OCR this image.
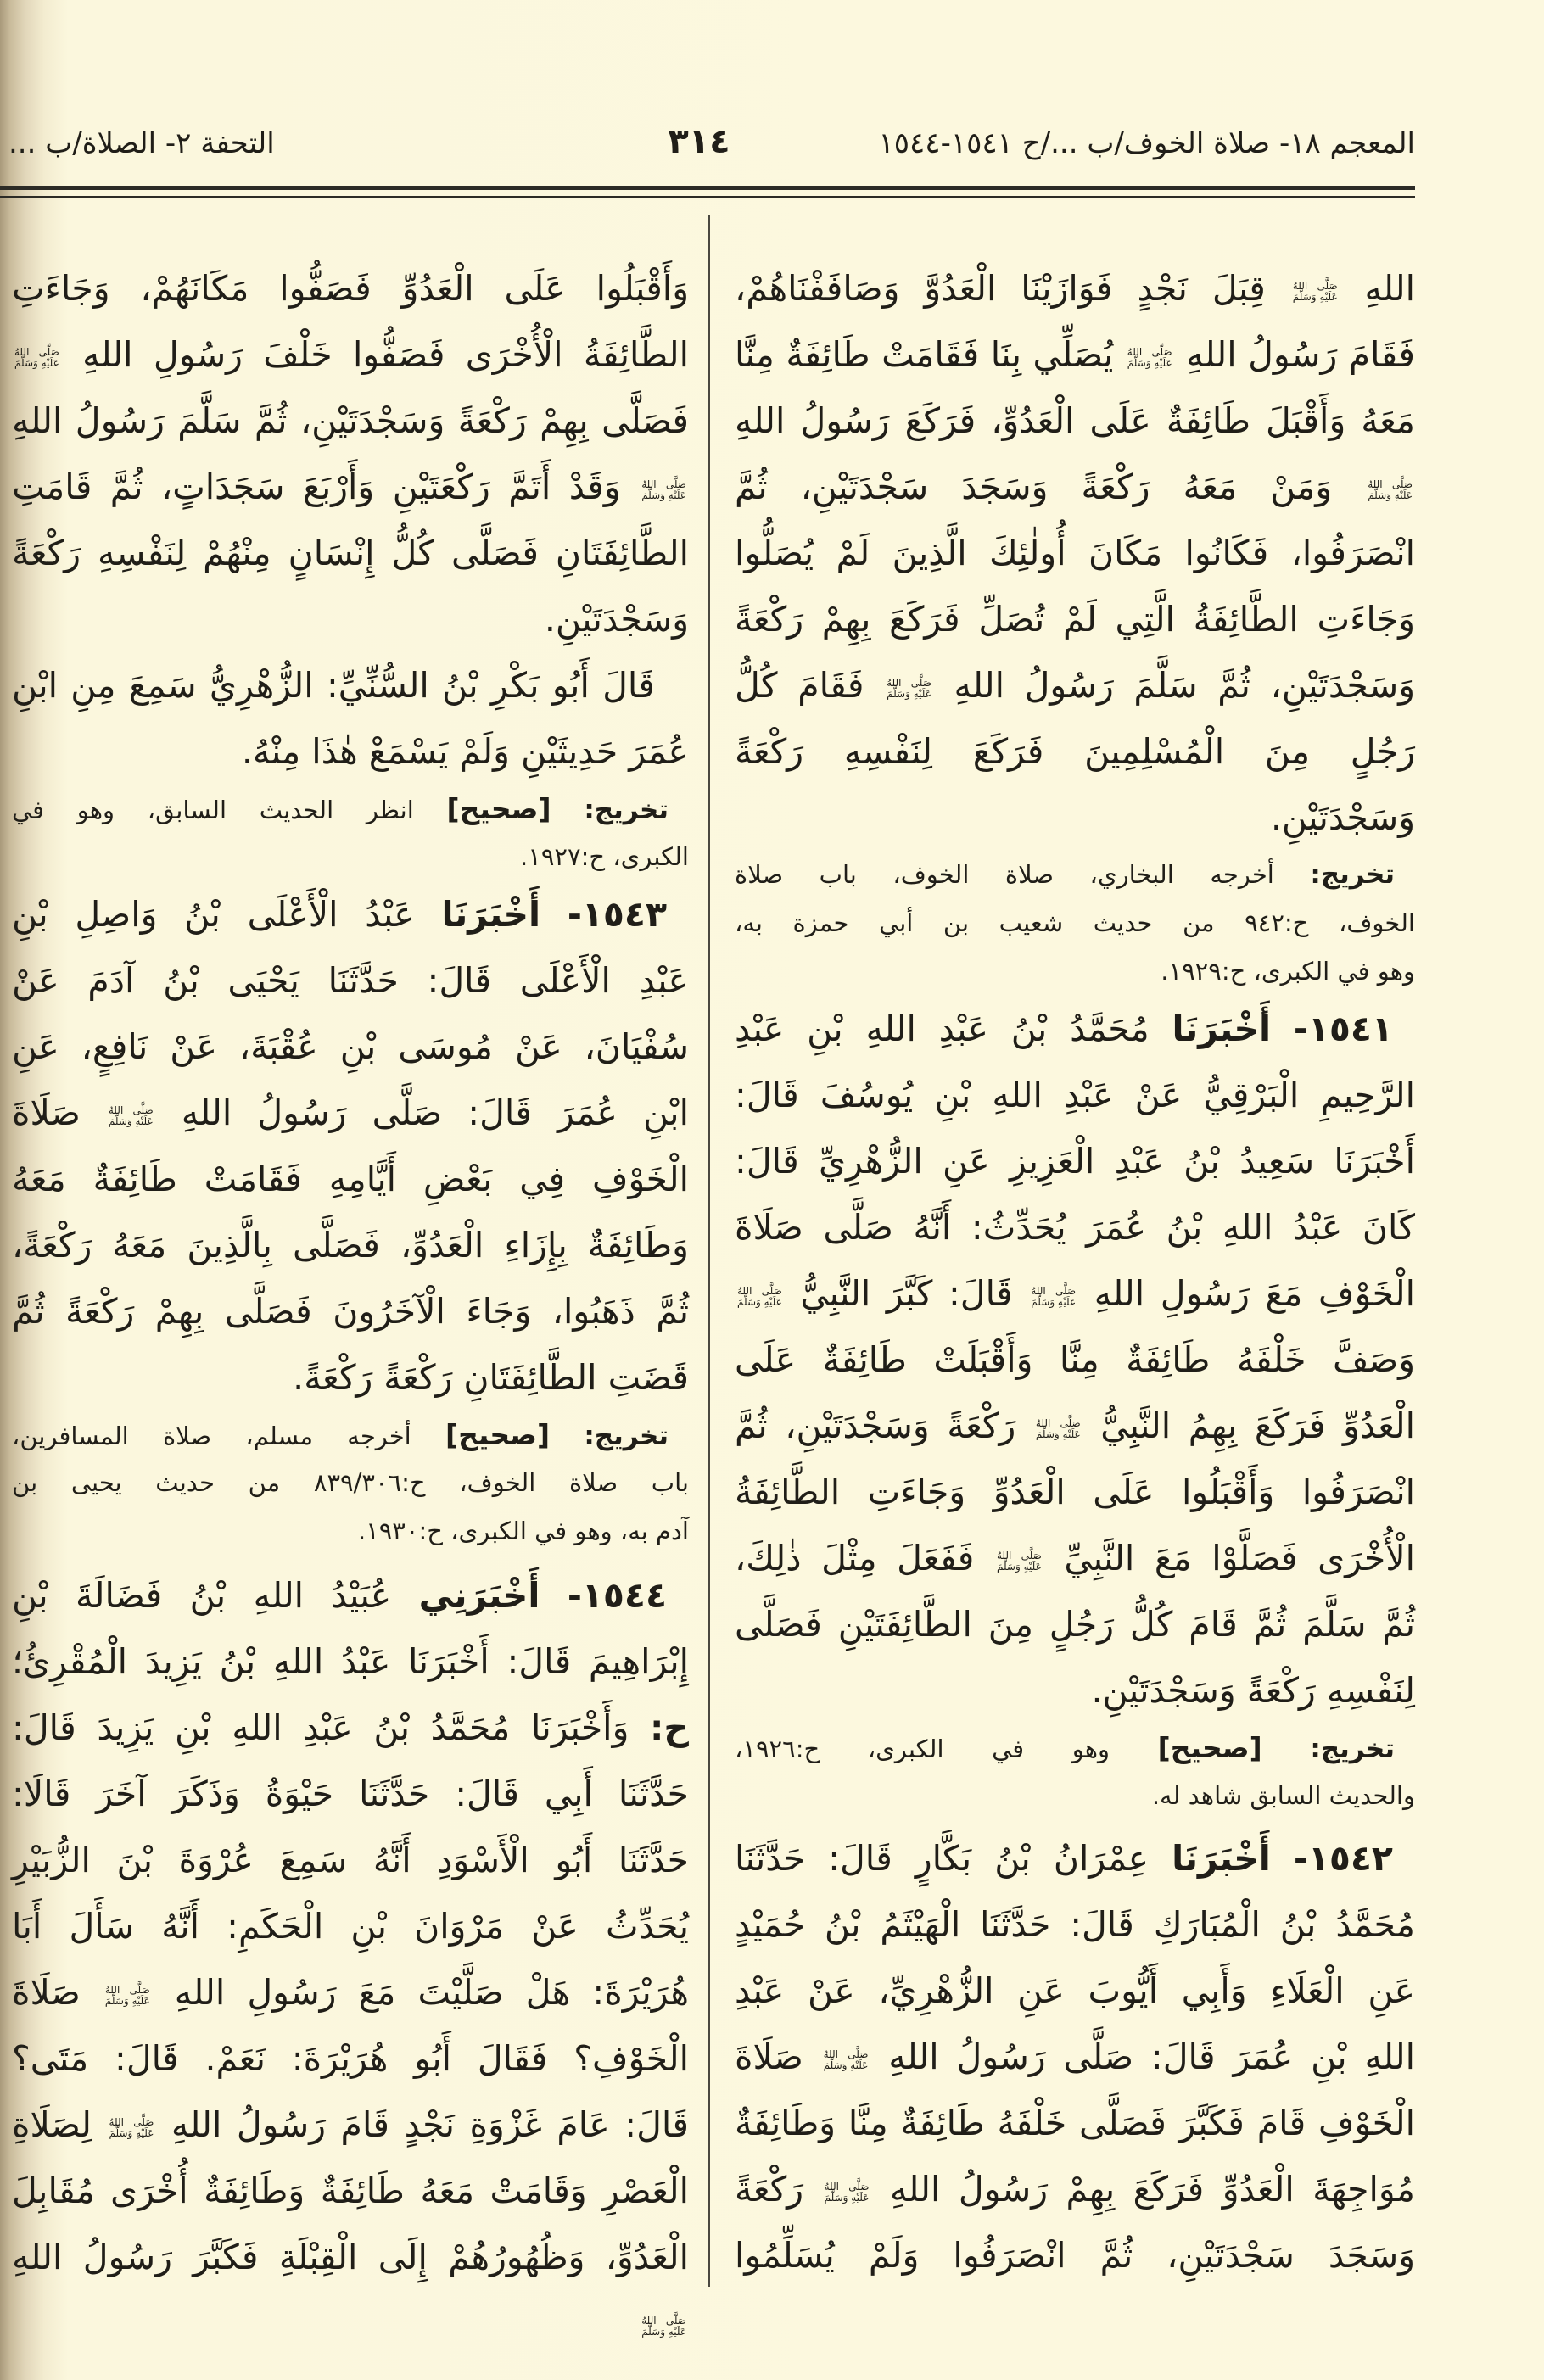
المعجم ١٨- صلاة الخوف/ب .../ح ١٥٤١-١٥٤٤
٣١٤
التحفة ٢- الصلاة/ب ...
اللهِ
صَلَّى اللهُ
عَلَيْهِ وَسَلَّمَ
قِبَلَ نَجْدٍ فَوَازَيْنَا الْعَدُوَّ وَصَافَفْنَاهُمْ،
فَقَامَ رَسُولُ اللهِ
صَلَّى اللهُ
عَلَيْهِ وَسَلَّمَ
يُصَلِّي بِنَا فَقَامَتْ طَائِفَةٌ مِنَّا
مَعَهُ وَأَقْبَلَ طَائِفَةٌ عَلَى الْعَدُوِّ، فَرَكَعَ رَسُولُ اللهِ
صَلَّى اللهُ
عَلَيْهِ وَسَلَّمَ
وَمَنْ مَعَهُ رَكْعَةً وَسَجَدَ سَجْدَتَيْنِ، ثُمَّ
انْصَرَفُوا، فَكَانُوا مَكَانَ أُولٰئِكَ الَّذِينَ لَمْ يُصَلُّوا
وَجَاءَتِ الطَّائِفَةُ الَّتِي لَمْ تُصَلِّ فَرَكَعَ بِهِمْ رَكْعَةً
وَسَجْدَتَيْنِ، ثُمَّ سَلَّمَ رَسُولُ اللهِ
صَلَّى اللهُ
عَلَيْهِ وَسَلَّمَ
فَقَامَ كُلُّ
رَجُلٍ مِنَ الْمُسْلِمِينَ فَرَكَعَ لِنَفْسِهِ رَكْعَةً
وَسَجْدَتَيْنِ.
تخريج: أخرجه البخاري، صلاة الخوف، باب صلاة
الخوف، ح:٩٤٢ من حديث شعيب بن أبي حمزة به،
وهو في الكبرى، ح:١٩٢٩.
١٥٤١- أَخْبَرَنَا مُحَمَّدُ بْنُ عَبْدِ اللهِ بْنِ عَبْدِ
الرَّحِيمِ الْبَرْقِيُّ عَنْ عَبْدِ اللهِ بْنِ يُوسُفَ قَالَ:
أَخْبَرَنَا سَعِيدُ بْنُ عَبْدِ الْعَزِيزِ عَنِ الزُّهْرِيِّ قَالَ:
كَانَ عَبْدُ اللهِ بْنُ عُمَرَ يُحَدِّثُ: أَنَّهُ صَلَّى صَلَاةَ
الْخَوْفِ مَعَ رَسُولِ اللهِ
صَلَّى اللهُ
عَلَيْهِ وَسَلَّمَ
قَالَ: كَبَّرَ النَّبِيُّ
صَلَّى اللهُ
عَلَيْهِ وَسَلَّمَ
وَصَفَّ خَلْفَهُ طَائِفَةٌ مِنَّا وَأَقْبَلَتْ طَائِفَةٌ عَلَى
الْعَدُوِّ فَرَكَعَ بِهِمُ النَّبِيُّ
صَلَّى اللهُ
عَلَيْهِ وَسَلَّمَ
رَكْعَةً وَسَجْدَتَيْنِ، ثُمَّ
انْصَرَفُوا وَأَقْبَلُوا عَلَى الْعَدُوِّ وَجَاءَتِ الطَّائِفَةُ
الْأُخْرَى فَصَلَّوْا مَعَ النَّبِيِّ
صَلَّى اللهُ
عَلَيْهِ وَسَلَّمَ
فَفَعَلَ مِثْلَ ذٰلِكَ،
ثُمَّ سَلَّمَ ثُمَّ قَامَ كُلُّ رَجُلٍ مِنَ الطَّائِفَتَيْنِ فَصَلَّى
لِنَفْسِهِ رَكْعَةً وَسَجْدَتَيْنِ.
تخريج: [صحيح] وهو في الكبرى، ح:١٩٢٦،
والحديث السابق شاهد له.
١٥٤٢- أَخْبَرَنَا عِمْرَانُ بْنُ بَكَّارٍ قَالَ: حَدَّثَنَا
مُحَمَّدُ بْنُ الْمُبَارَكِ قَالَ: حَدَّثَنَا الْهَيْثَمُ بْنُ حُمَيْدٍ
عَنِ الْعَلَاءِ وَأَبِي أَيُّوبَ عَنِ الزُّهْرِيِّ، عَنْ عَبْدِ
اللهِ بْنِ عُمَرَ قَالَ: صَلَّى رَسُولُ اللهِ
صَلَّى اللهُ
عَلَيْهِ وَسَلَّمَ
صَلَاةَ
الْخَوْفِ قَامَ فَكَبَّرَ فَصَلَّى خَلْفَهُ طَائِفَةٌ مِنَّا وَطَائِفَةٌ
مُوَاجِهَةَ الْعَدُوِّ فَرَكَعَ بِهِمْ رَسُولُ اللهِ
صَلَّى اللهُ
عَلَيْهِ وَسَلَّمَ
رَكْعَةً
وَسَجَدَ سَجْدَتَيْنِ، ثُمَّ انْصَرَفُوا وَلَمْ يُسَلِّمُوا
وَأَقْبَلُوا عَلَى الْعَدُوِّ فَصَفُّوا مَكَانَهُمْ، وَجَاءَتِ
الطَّائِفَةُ الْأُخْرَى فَصَفُّوا خَلْفَ رَسُولِ اللهِ
صَلَّى اللهُ
عَلَيْهِ وَسَلَّمَ
فَصَلَّى بِهِمْ رَكْعَةً وَسَجْدَتَيْنِ، ثُمَّ سَلَّمَ رَسُولُ اللهِ
صَلَّى اللهُ
عَلَيْهِ وَسَلَّمَ
وَقَدْ أَتَمَّ رَكْعَتَيْنِ وَأَرْبَعَ سَجَدَاتٍ، ثُمَّ قَامَتِ
الطَّائِفَتَانِ فَصَلَّى كُلُّ إِنْسَانٍ مِنْهُمْ لِنَفْسِهِ رَكْعَةً
وَسَجْدَتَيْنِ.
قَالَ أَبُو بَكْرِ بْنُ السُّنِّيِّ: الزُّهْرِيُّ سَمِعَ مِنِ ابْنِ
عُمَرَ حَدِيثَيْنِ وَلَمْ يَسْمَعْ هٰذَا مِنْهُ.
تخريج: [صحيح] انظر الحديث السابق، وهو في
الكبرى، ح:١٩٢٧.
١٥٤٣- أَخْبَرَنَا عَبْدُ الْأَعْلَى بْنُ وَاصِلِ بْنِ
عَبْدِ الْأَعْلَى قَالَ: حَدَّثَنَا يَحْيَى بْنُ آدَمَ عَنْ
سُفْيَانَ، عَنْ مُوسَى بْنِ عُقْبَةَ، عَنْ نَافِعٍ، عَنِ
ابْنِ عُمَرَ قَالَ: صَلَّى رَسُولُ اللهِ
صَلَّى اللهُ
عَلَيْهِ وَسَلَّمَ
صَلَاةَ
الْخَوْفِ فِي بَعْضِ أَيَّامِهِ فَقَامَتْ طَائِفَةٌ مَعَهُ
وَطَائِفَةٌ بِإِزَاءِ الْعَدُوِّ، فَصَلَّى بِالَّذِينَ مَعَهُ رَكْعَةً،
ثُمَّ ذَهَبُوا، وَجَاءَ الْآخَرُونَ فَصَلَّى بِهِمْ رَكْعَةً ثُمَّ
قَضَتِ الطَّائِفَتَانِ رَكْعَةً رَكْعَةً.
تخريج: [صحيح] أخرجه مسلم، صلاة المسافرين،
باب صلاة الخوف، ح:٨٣٩/٣٠٦ من حديث يحيى بن
آدم به، وهو في الكبرى، ح:١٩٣٠.
١٥٤٤- أَخْبَرَنِي عُبَيْدُ اللهِ بْنُ فَضَالَةَ بْنِ
إِبْرَاهِيمَ قَالَ: أَخْبَرَنَا عَبْدُ اللهِ بْنُ يَزِيدَ الْمُقْرِئُ؛
ح: وَأَخْبَرَنَا مُحَمَّدُ بْنُ عَبْدِ اللهِ بْنِ يَزِيدَ قَالَ:
حَدَّثَنَا أَبِي قَالَ: حَدَّثَنَا حَيْوَةُ وَذَكَرَ آخَرَ قَالَا:
حَدَّثَنَا أَبُو الْأَسْوَدِ أَنَّهُ سَمِعَ عُرْوَةَ بْنَ الزُّبَيْرِ
يُحَدِّثُ عَنْ مَرْوَانَ بْنِ الْحَكَمِ: أَنَّهُ سَأَلَ أَبَا
هُرَيْرَةَ: هَلْ صَلَّيْتَ مَعَ رَسُولِ اللهِ
صَلَّى اللهُ
عَلَيْهِ وَسَلَّمَ
صَلَاةَ
الْخَوْفِ؟ فَقَالَ أَبُو هُرَيْرَةَ: نَعَمْ. قَالَ: مَتَى؟
قَالَ: عَامَ غَزْوَةِ نَجْدٍ قَامَ رَسُولُ اللهِ
صَلَّى اللهُ
عَلَيْهِ وَسَلَّمَ
لِصَلَاةِ
الْعَصْرِ وَقَامَتْ مَعَهُ طَائِفَةٌ وَطَائِفَةٌ أُخْرَى مُقَابِلَ
الْعَدُوِّ، وَظُهُورُهُمْ إِلَى الْقِبْلَةِ فَكَبَّرَ رَسُولُ اللهِ
صَلَّى اللهُ
عَلَيْهِ وَسَلَّمَ
